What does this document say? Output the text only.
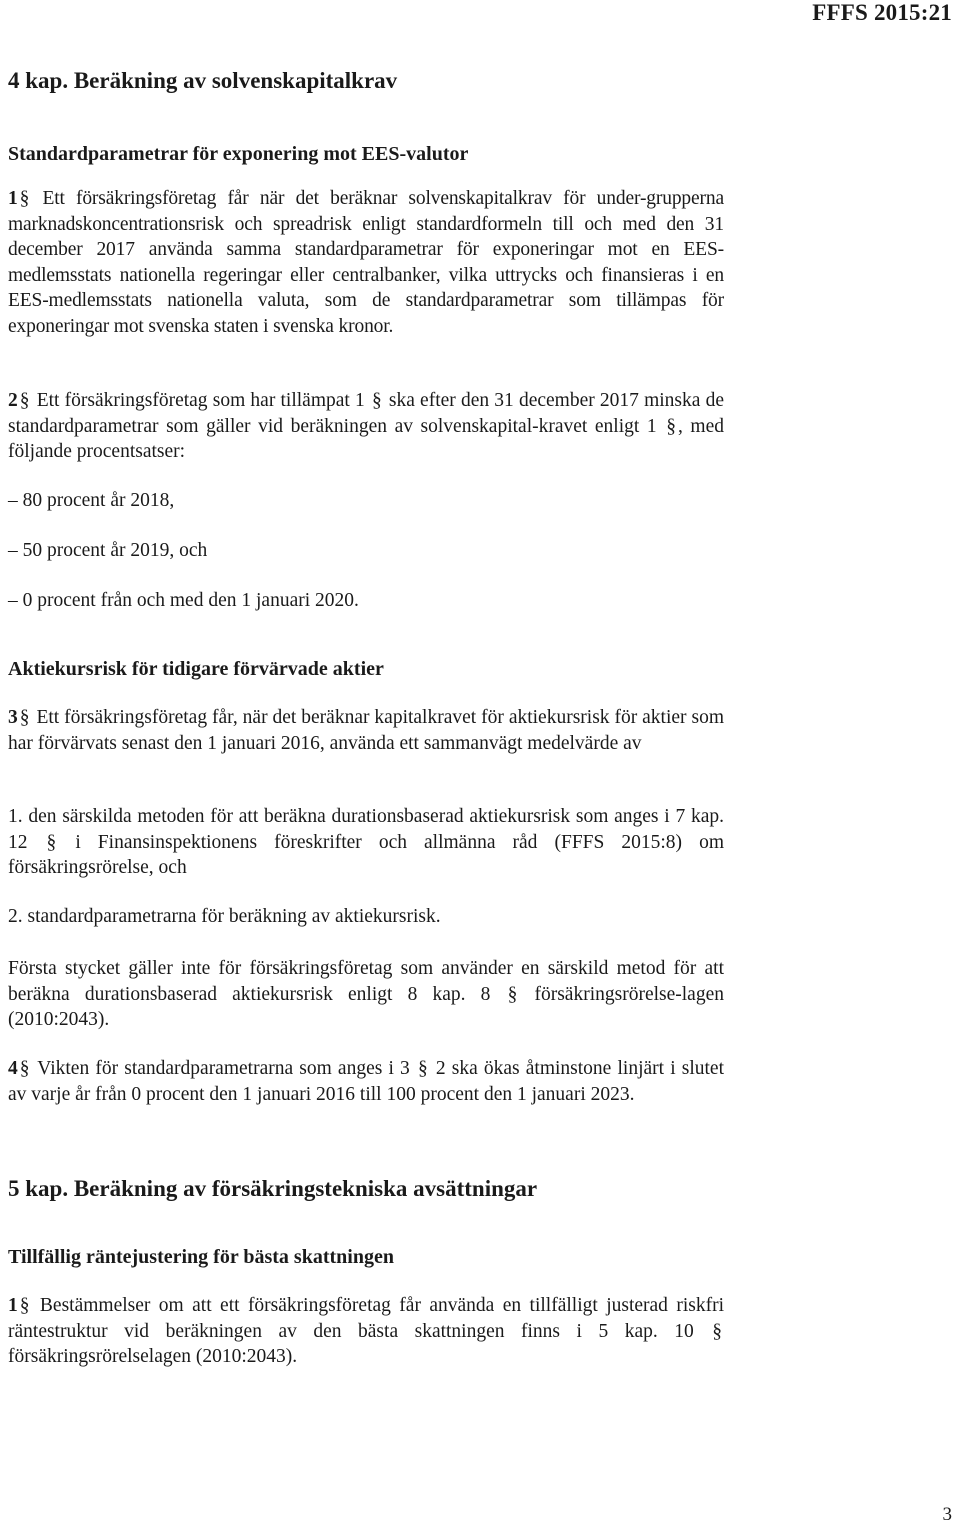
FFFS 2015:21
4 kap. Beräkning av solvenskapitalkrav
Standardparametrar för exponering mot EES-valutor

1 § Ett försäkringsföretag får när det beräknar solvenskapitalkrav för under-gruppernа marknadskoncentrationsrisk och spreadrisk enligt standardformeln till och med den 31 december 2017 använda samma standardparametrar för exponeringar mot en EES-medlemsstats nationella regeringar eller centralbanker, vilka uttrycks och finansieras i en EES-medlemsstats nationella valuta, som de standardparametrar som tillämpas för exponeringar mot svenska staten i svenska kronor.

2 § Ett försäkringsföretag som har tillämpat 1 § ska efter den 31 december 2017 minska de standardparametrar som gäller vid beräkningen av solvenskapital-kravet enligt 1 § , med följande procentsatser:

– 80 procent år 2018,
– 50 procent år 2019, och
– 0 procent från och med den 1 januari 2020.
Aktiekursrisk för tidigare förvärvade aktier

3 § Ett försäkringsföretag får, när det beräknar kapitalkravet för aktiekursrisk för aktier som har förvärvats senast den 1 januari 2016, använda ett sammanvägt medelvärde av

1. den särskilda metoden för att beräkna durationsbaserad aktiekursrisk som anges i 7 kap. 12 § i Finansinspektionens föreskrifter och allmänna råd (FFFS 2015:8) om försäkringsrörelse, och

2. standardparametrarna för beräkning av aktiekursrisk.

Första stycket gäller inte för försäkringsföretag som använder en särskild metod för att beräkna durationsbaserad aktiekursrisk enligt 8 kap. 8 § försäkringsrörelse-lagen (2010:2043).

4 § Vikten för standardparametrarna som anges i 3 § 2 ska ökas åtminstone linjärt i slutet av varje år från 0 procent den 1 januari 2016 till 100 procent den 1 januari 2023.

5 kap. Beräkning av försäkringstekniska avsättningar
Tillfällig räntejustering för bästa skattningen

1 § Bestämmelser om att ett försäkringsföretag får använda en tillfälligt justerad riskfri räntestruktur vid beräkningen av den bästa skattningen finns i 5 kap. 10 § försäkringsrörelselagen (2010:2043).

3
